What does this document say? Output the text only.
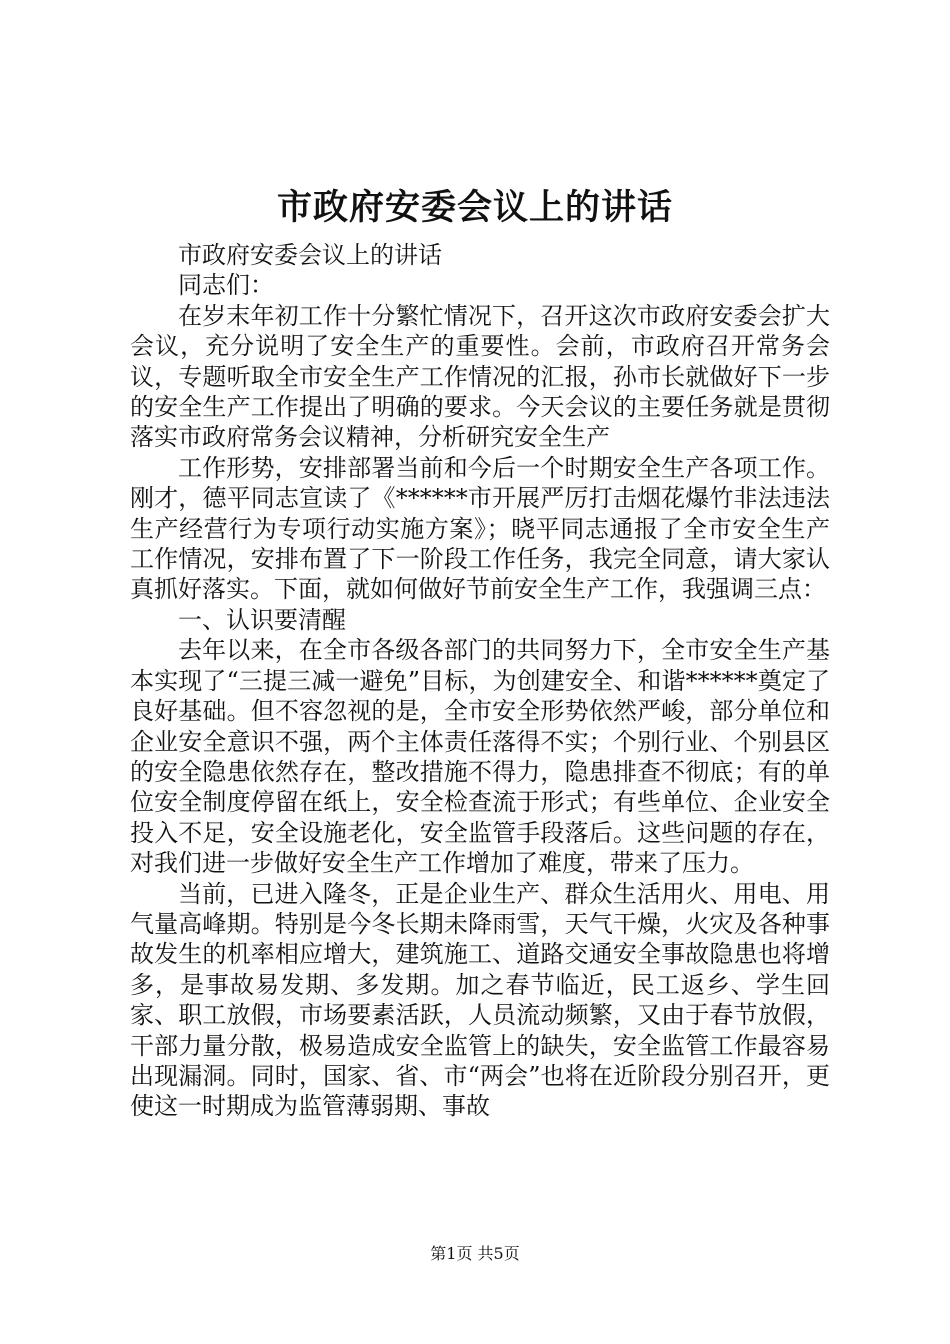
市政府安委会议上的讲话

市政府安委会议上的讲话

同志们：

在岁末年初工作十分繁忙情况下，召开这次市政府安委会扩大会议，充分说明了安全生产的重要性。会前，市政府召开常务会议，专题听取全市安全生产工作情况的汇报，孙市长就做好下一步的安全生产工作提出了明确的要求。今天会议的主要任务就是贯彻落实市政府常务会议精神，分析研究安全生产

工作形势，安排部署当前和今后一个时期安全生产各项工作。刚才，德平同志宣读了《******市开展严厉打击烟花爆竹非法违法生产经营行为专项行动实施方案》；晓平同志通报了全市安全生产工作情况，安排布置了下一阶段工作任务，我完全同意，请大家认真抓好落实。下面，就如何做好节前安全生产工作，我强调三点：

一、认识要清醒

去年以来，在全市各级各部门的共同努力下，全市安全生产基本实现了“三提三减一避免”目标，为创建安全、和谐******奠定了良好基础。但不容忽视的是，全市安全形势依然严峻，部分单位和企业安全意识不强，两个主体责任落得不实；个别行业、个别县区的安全隐患依然存在，整改措施不得力，隐患排查不彻底；有的单位安全制度停留在纸上，安全检查流于形式；有些单位、企业安全投入不足，安全设施老化，安全监管手段落后。这些问题的存在，对我们进一步做好安全生产工作增加了难度，带来了压力。

当前，已进入隆冬，正是企业生产、群众生活用火、用电、用气量高峰期。特别是今冬长期未降雨雪，天气干燥，火灾及各种事故发生的机率相应增大，建筑施工、道路交通安全事故隐患也将增多，是事故易发期、多发期。加之春节临近，民工返乡、学生回家、职工放假，市场要素活跃，人员流动频繁，又由于春节放假，干部力量分散，极易造成安全监管上的缺失，安全监管工作最容易出现漏洞。同时，国家、省、市“两会”也将在近阶段分别召开，更使这一时期成为监管薄弱期、事故

第1页 共5页
